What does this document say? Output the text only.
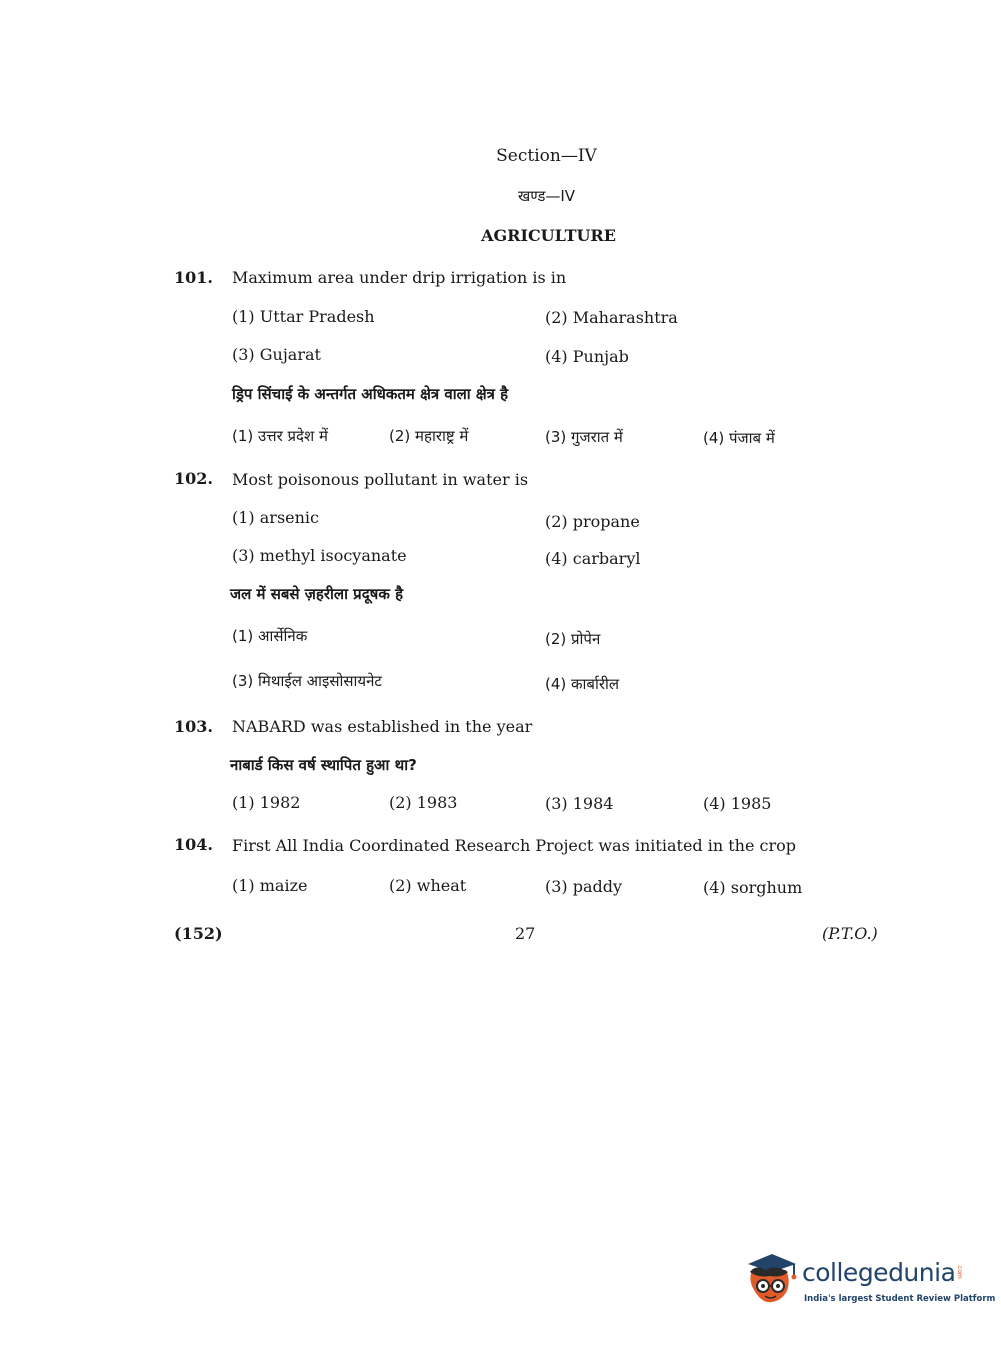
Section—IV
खण्ड—IV
AGRICULTURE
101. Maximum area under drip irrigation is in
(1) Uttar Pradesh	(2) Maharashtra
(3) Gujarat	(4) Punjab
ड्रिप सिंचाई के अन्तर्गत अधिकतम क्षेत्र वाला क्षेत्र है
(1) उत्तर प्रदेश में	(2) महाराष्ट्र में	(3) गुजरात में	(4) पंजाब में
102. Most poisonous pollutant in water is
(1) arsenic	(2) propane
(3) methyl isocyanate	(4) carbaryl
जल में सबसे ज़हरीला प्रदूषक है
(1) आर्सेनिक	(2) प्रोपेन
(3) मिथाईल आइसोसायनेट	(4) कार्बारील
103. NABARD was established in the year
नाबार्ड किस वर्ष स्थापित हुआ था?
(1) 1982	(2) 1983	(3) 1984	(4) 1985
104. First All India Coordinated Research Project was initiated in the crop
(1) maize	(2) wheat	(3) paddy	(4) sorghum
(152)	27	(P.T.O.)
collegedunia .com
India's largest Student Review Platform
